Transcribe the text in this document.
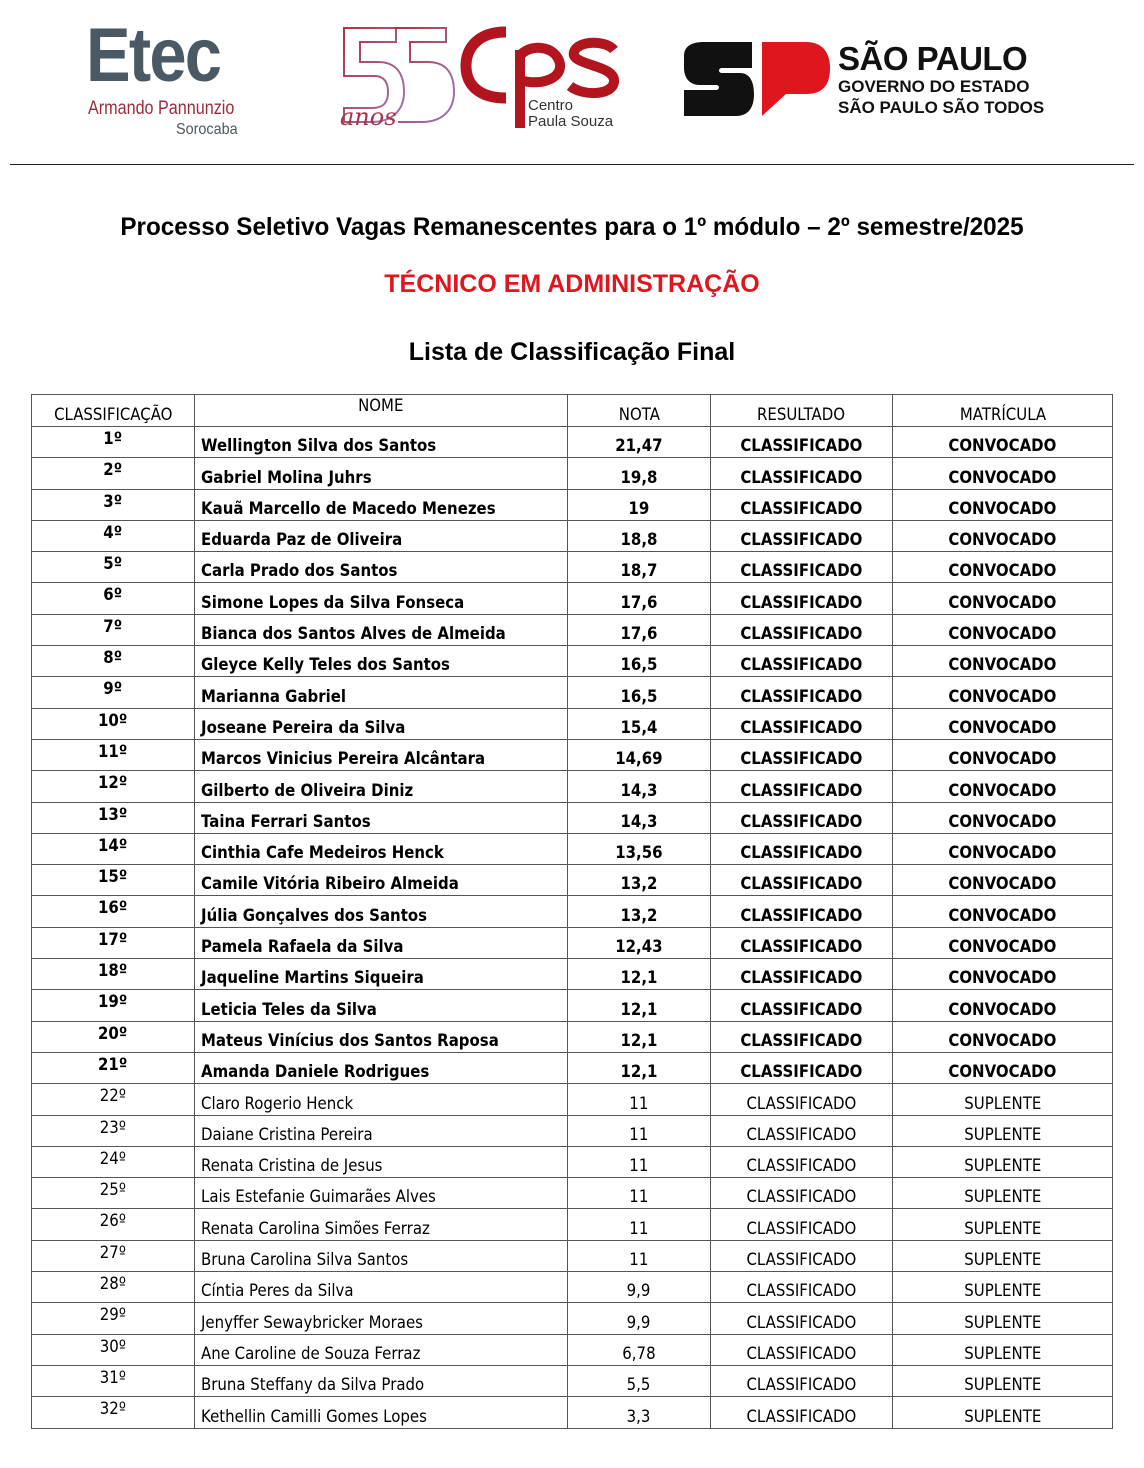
Etec
Armando Pannunzio
Sorocaba	anos	Centro
Paula Souza
SÃO PAULO
GOVERNO DO ESTADO
SÃO PAULO SÃO TODOS
Processo Seletivo Vagas Remanescentes para o 1º módulo – 2º semestre/2025
TÉCNICO EM ADMINISTRAÇÃO
Lista de Classificação Final
CLASSIFICAÇÃO	NOME	NOTA	RESULTADO	MATRÍCULA
1º	Wellington Silva dos Santos	21,47	CLASSIFICADO	CONVOCADO
2º	Gabriel Molina Juhrs	19,8	CLASSIFICADO	CONVOCADO
3º	Kauã Marcello de Macedo Menezes	19	CLASSIFICADO	CONVOCADO
4º	Eduarda Paz de Oliveira	18,8	CLASSIFICADO	CONVOCADO
5º	Carla Prado dos Santos	18,7	CLASSIFICADO	CONVOCADO
6º	Simone Lopes da Silva Fonseca	17,6	CLASSIFICADO	CONVOCADO
7º	Bianca dos Santos Alves de Almeida	17,6	CLASSIFICADO	CONVOCADO
8º	Gleyce Kelly Teles dos Santos	16,5	CLASSIFICADO	CONVOCADO
9º	Marianna Gabriel	16,5	CLASSIFICADO	CONVOCADO
10º	Joseane Pereira da Silva	15,4	CLASSIFICADO	CONVOCADO
11º	Marcos Vinicius Pereira Alcântara	14,69	CLASSIFICADO	CONVOCADO
12º	Gilberto de Oliveira Diniz	14,3	CLASSIFICADO	CONVOCADO
13º	Taina Ferrari Santos	14,3	CLASSIFICADO	CONVOCADO
14º	Cinthia Cafe Medeiros Henck	13,56	CLASSIFICADO	CONVOCADO
15º	Camile Vitória Ribeiro Almeida	13,2	CLASSIFICADO	CONVOCADO
16º	Júlia Gonçalves dos Santos	13,2	CLASSIFICADO	CONVOCADO
17º	Pamela Rafaela da Silva	12,43	CLASSIFICADO	CONVOCADO
18º	Jaqueline Martins Siqueira	12,1	CLASSIFICADO	CONVOCADO
19º	Leticia Teles da Silva	12,1	CLASSIFICADO	CONVOCADO
20º	Mateus Vinícius dos Santos Raposa	12,1	CLASSIFICADO	CONVOCADO
21º	Amanda Daniele Rodrigues	12,1	CLASSIFICADO	CONVOCADO
22º	Claro Rogerio Henck	11	CLASSIFICADO	SUPLENTE
23º	Daiane Cristina Pereira	11	CLASSIFICADO	SUPLENTE
24º	Renata Cristina de Jesus	11	CLASSIFICADO	SUPLENTE
25º	Lais Estefanie Guimarães Alves	11	CLASSIFICADO	SUPLENTE
26º	Renata Carolina Simões Ferraz	11	CLASSIFICADO	SUPLENTE
27º	Bruna Carolina Silva Santos	11	CLASSIFICADO	SUPLENTE
28º	Cíntia Peres da Silva	9,9	CLASSIFICADO	SUPLENTE
29º	Jenyffer Sewaybricker Moraes	9,9	CLASSIFICADO	SUPLENTE
30º	Ane Caroline de Souza Ferraz	6,78	CLASSIFICADO	SUPLENTE
31º	Bruna Steffany da Silva Prado	5,5	CLASSIFICADO	SUPLENTE
32º	Kethellin Camilli Gomes Lopes	3,3	CLASSIFICADO	SUPLENTE
